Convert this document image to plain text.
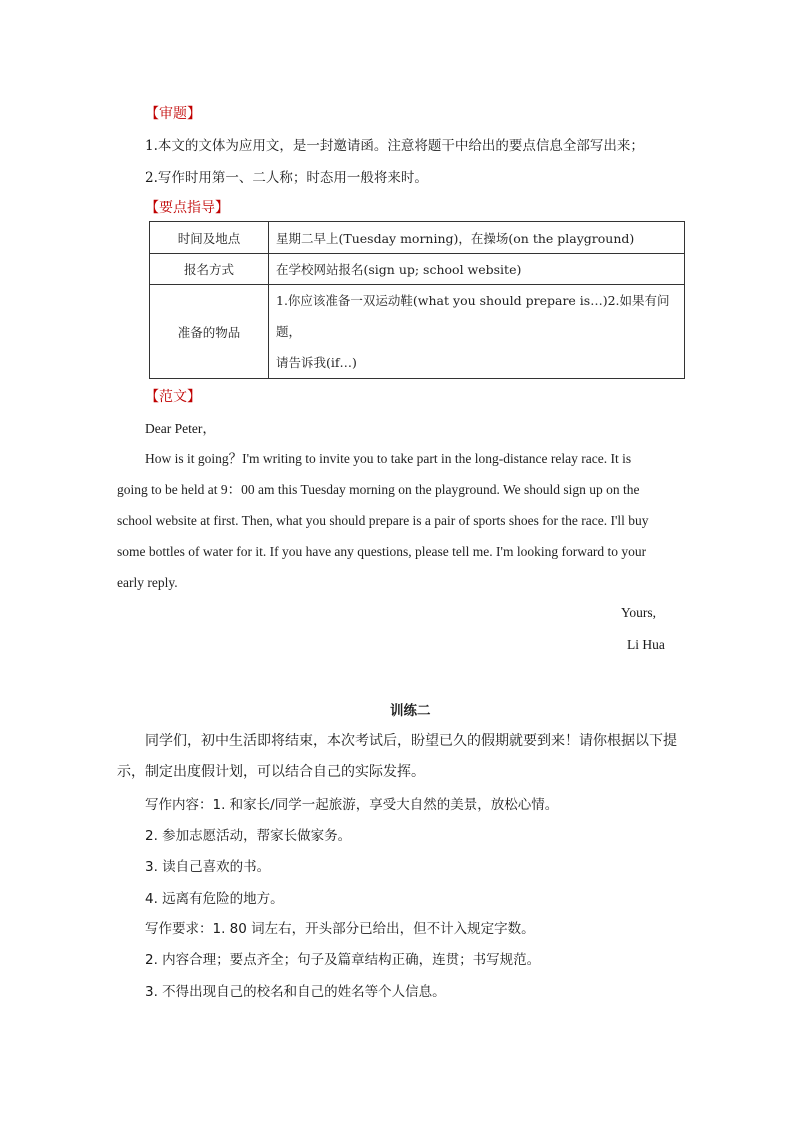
【审题】
1.本文的文体为应用文，是一封邀请函。注意将题干中给出的要点信息全部写出来；
2.写作时用第一、二人称；时态用一般将来时。
【要点指导】
时间及地点	星期二早上(Tuesday morning)，在操场(on the playground)
报名方式	在学校网站报名(sign up; school website)
准备的物品	1.你应该准备一双运动鞋(what you should prepare is…)2.如果有问题，
请告诉我(if…)
【范文】
Dear Peter，
How is it going？I'm writing to invite you to take part in the long-distance relay race. It is
going to be held at 9：00 am this Tuesday morning on the playground. We should sign up on the
school website at first. Then, what you should prepare is a pair of sports shoes for the race. I'll buy
some bottles of water for it. If you have any questions, please tell me. I'm looking forward to your
early reply.
Yours,
Li Hua
训练二
同学们，初中生活即将结束，本次考试后，盼望已久的假期就要到来！请你根据以下提
示，制定出度假计划，可以结合自己的实际发挥。
写作内容：1. 和家长/同学一起旅游，享受大自然的美景，放松心情。
2. 参加志愿活动，帮家长做家务。
3. 读自己喜欢的书。
4. 远离有危险的地方。
写作要求：1. 80 词左右，开头部分已给出，但不计入规定字数。
2. 内容合理；要点齐全；句子及篇章结构正确，连贯；书写规范。
3. 不得出现自己的校名和自己的姓名等个人信息。
